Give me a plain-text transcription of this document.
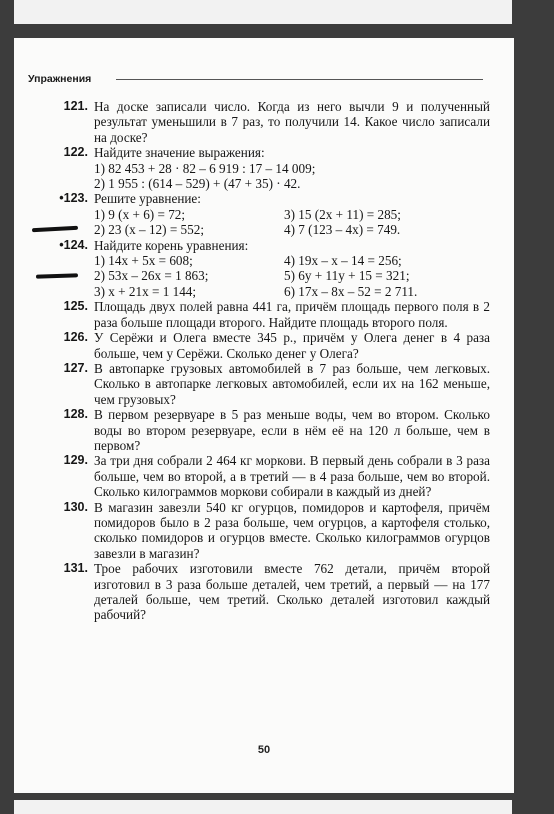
Упражнения
121. На доске записали число. Когда из него вычли 9 и полученный результат уменьшили в 7 раз, то получили 14. Какое число записали на доске?
122. Найдите значение выражения:
1) 82 453 + 28 · 82 – 6 919 : 17 – 14 009;
2) 1 955 : (614 – 529) + (47 + 35) · 42.
•123. Решите уравнение:
1) 9 (x + 6) = 72;	3) 15 (2x + 11) = 285;
2) 23 (x – 12) = 552;	4) 7 (123 – 4x) = 749.
•124. Найдите корень уравнения:
1) 14x + 5x = 608;	4) 19x – x – 14 = 256;
2) 53x – 26x = 1 863;	5) 6y + 11y + 15 = 321;
3) x + 21x = 1 144;	6) 17x – 8x – 52 = 2 711.
125. Площадь двух полей равна 441 га, причём площадь первого поля в 2 раза больше площади второго. Найдите площадь второго поля.
126. У Серёжи и Олега вместе 345 р., причём у Олега денег в 4 раза больше, чем у Серёжи. Сколько денег у Олега?
127. В автопарке грузовых автомобилей в 7 раз больше, чем легковых. Сколько в автопарке легковых автомобилей, если их на 162 меньше, чем грузовых?
128. В первом резервуаре в 5 раз меньше воды, чем во втором. Сколько воды во втором резервуаре, если в нём её на 120 л больше, чем в первом?
129. За три дня собрали 2 464 кг моркови. В первый день собрали в 3 раза больше, чем во второй, а в третий — в 4 раза больше, чем во второй. Сколько килограммов моркови собирали в каждый из дней?
130. В магазин завезли 540 кг огурцов, помидоров и картофеля, причём помидоров было в 2 раза больше, чем огурцов, а картофеля столько, сколько помидоров и огурцов вместе. Сколько килограммов огурцов завезли в магазин?
131. Трое рабочих изготовили вместе 762 детали, причём второй изготовил в 3 раза больше деталей, чем третий, а первый — на 177 деталей больше, чем третий. Сколько деталей изготовил каждый рабочий?
50
